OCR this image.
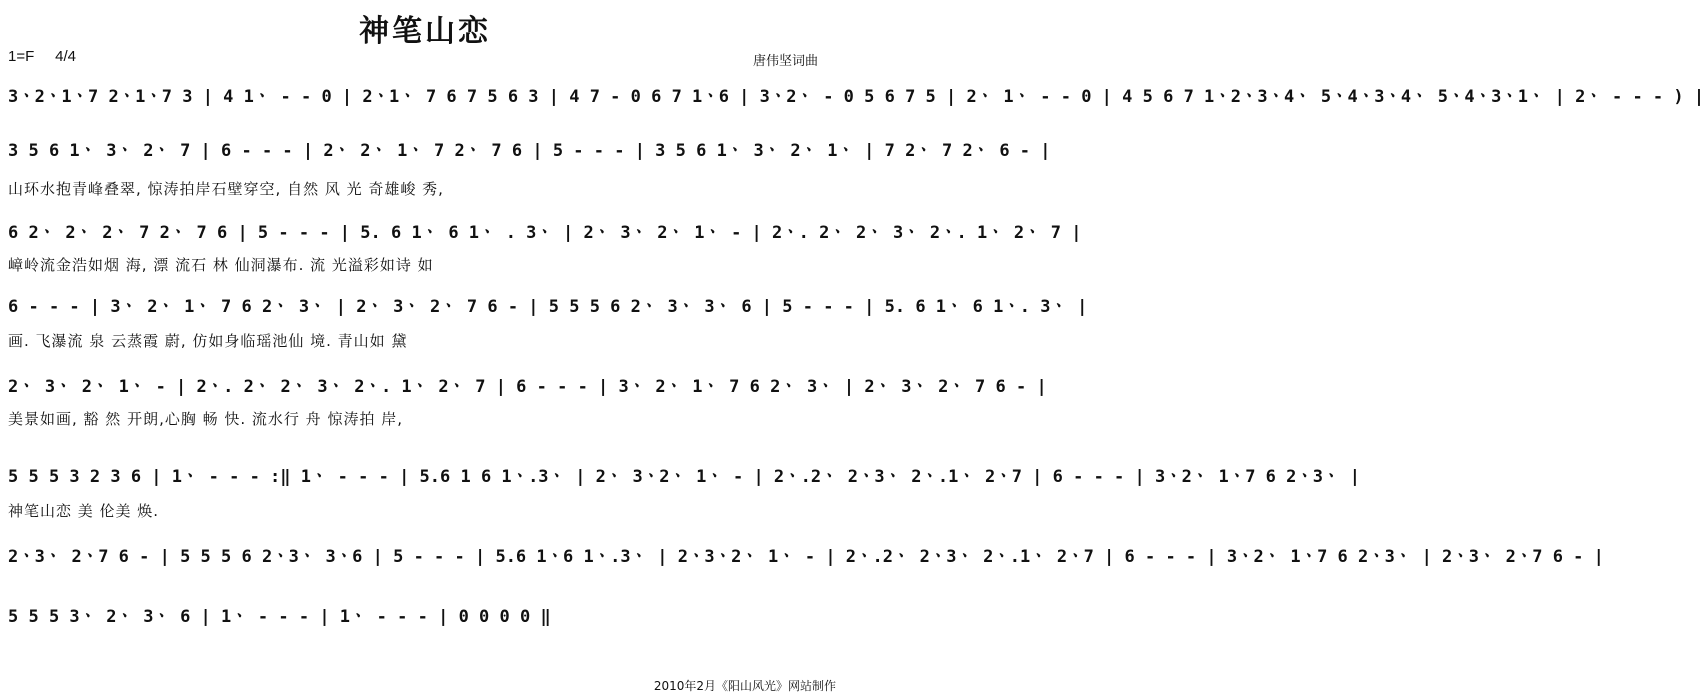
神笔山恋
1=F 4/4	唐伟坚词曲
3ㆍ2ㆍ1ㆍ7 2ㆍ1ㆍ7 3 | 4 1ㆍ - - 0 | 2ㆍ1ㆍ 7 6 7 5 6 3 | 4 7 - 0 6 7 1ㆍ6 | 3ㆍ2ㆍ - 0 5 6 7 5 | 2ㆍ 1ㆍ - - 0 | 4 5 6 7 1ㆍ2ㆍ3ㆍ4ㆍ 5ㆍ4ㆍ3ㆍ4ㆍ 5ㆍ4ㆍ3ㆍ1ㆍ | 2ㆍ - - - ) |
3 5 6 1ㆍ 3ㆍ 2ㆍ 7 | 6 - - - | 2ㆍ 2ㆍ 1ㆍ 7 2ㆍ 7 6 | 5 - - - | 3 5 6 1ㆍ 3ㆍ 2ㆍ 1ㆍ | 7 2ㆍ 7 2ㆍ 6 - |
山环水抱青峰叠翠, 惊涛拍岸石壁穿空, 自然 风 光 奇雄峻 秀,
6 2ㆍ 2ㆍ 2ㆍ 7 2ㆍ 7 6 | 5 - - - | 5. 6 1ㆍ 6 1ㆍ . 3ㆍ | 2ㆍ 3ㆍ 2ㆍ 1ㆍ - | 2ㆍ. 2ㆍ 2ㆍ 3ㆍ 2ㆍ. 1ㆍ 2ㆍ 7 |
嶂岭流金浩如烟 海, 漂 流石 林 仙洞瀑布. 流 光溢彩如诗 如
6 - - - | 3ㆍ 2ㆍ 1ㆍ 7 6 2ㆍ 3ㆍ | 2ㆍ 3ㆍ 2ㆍ 7 6 - | 5 5 5 6 2ㆍ 3ㆍ 3ㆍ 6 | 5 - - - | 5. 6 1ㆍ 6 1ㆍ. 3ㆍ |
画. 飞瀑流 泉 云蒸霞 蔚, 仿如身临瑶池仙 境. 青山如 黛
2ㆍ 3ㆍ 2ㆍ 1ㆍ - | 2ㆍ. 2ㆍ 2ㆍ 3ㆍ 2ㆍ. 1ㆍ 2ㆍ 7 | 6 - - - | 3ㆍ 2ㆍ 1ㆍ 7 6 2ㆍ 3ㆍ | 2ㆍ 3ㆍ 2ㆍ 7 6 - |
美景如画, 豁 然 开朗,心胸 畅 快. 流水行 舟 惊涛拍 岸,
5 5 5 3 2 3 6 | 1ㆍ - - - :‖ 1ㆍ - - - | 5.6 1 6 1ㆍ.3ㆍ | 2ㆍ 3ㆍ2ㆍ 1ㆍ - | 2ㆍ.2ㆍ 2ㆍ3ㆍ 2ㆍ.1ㆍ 2ㆍ7 | 6 - - - | 3ㆍ2ㆍ 1ㆍ7 6 2ㆍ3ㆍ |
神笔山恋 美 伦美 焕.
2ㆍ3ㆍ 2ㆍ7 6 - | 5 5 5 6 2ㆍ3ㆍ 3ㆍ6 | 5 - - - | 5.6 1ㆍ6 1ㆍ.3ㆍ | 2ㆍ3ㆍ2ㆍ 1ㆍ - | 2ㆍ.2ㆍ 2ㆍ3ㆍ 2ㆍ.1ㆍ 2ㆍ7 | 6 - - - | 3ㆍ2ㆍ 1ㆍ7 6 2ㆍ3ㆍ | 2ㆍ3ㆍ 2ㆍ7 6 - |
5 5 5 3ㆍ 2ㆍ 3ㆍ 6 | 1ㆍ - - - | 1ㆍ - - - | 0 0 0 0 ‖
2010年2月《阳山风光》网站制作
